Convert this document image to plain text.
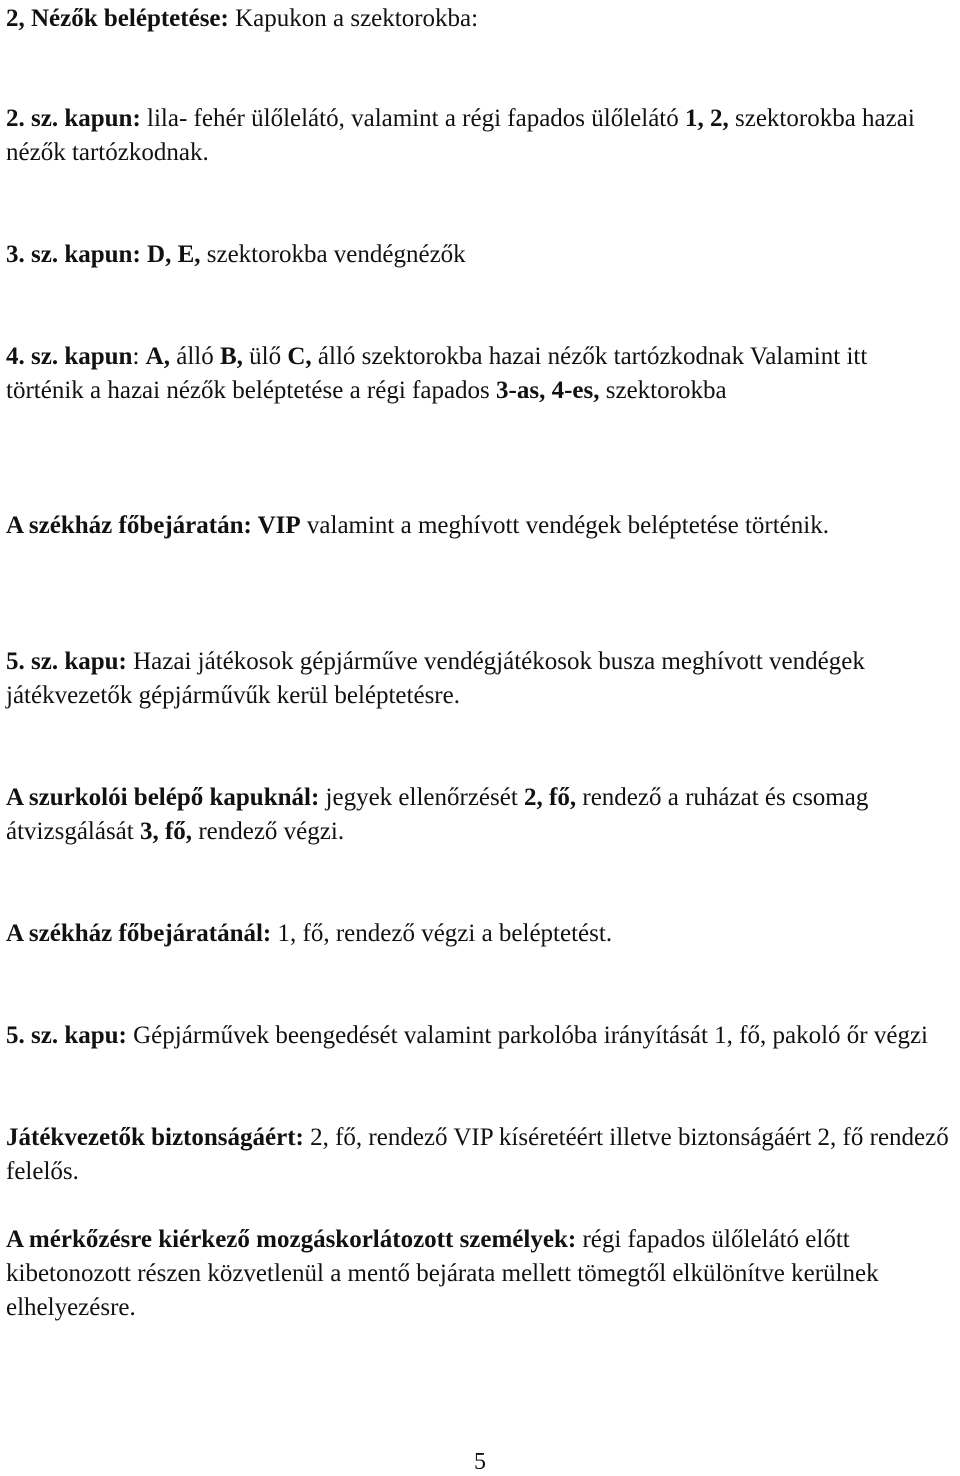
2, Nézők beléptetése: Kapukon a szektorokba:

2. sz. kapun: lila- fehér ülőlelátó, valamint a régi fapados ülőlelátó 1, 2, szektorokba hazai nézők tartózkodnak.

3. sz. kapun: D, E, szektorokba vendégnézők

4. sz. kapun: A, álló B, ülő C, álló szektorokba hazai nézők tartózkodnak Valamint itt történik a hazai nézők beléptetése a régi fapados 3-as, 4-es, szektorokba

A székház főbejáratán: VIP valamint a meghívott vendégek beléptetése történik.

5. sz. kapu: Hazai játékosok gépjárműve vendégjátékosok busza meghívott vendégek játékvezetők gépjárművűk kerül beléptetésre.

A szurkolói belépő kapuknál: jegyek ellenőrzését 2, fő, rendező a ruházat és csomag átvizsgálását 3, fő, rendező végzi.

A székház főbejáratánál: 1, fő, rendező végzi a beléptetést.

5. sz. kapu: Gépjárművek beengedését valamint parkolóba irányítását 1, fő, pakoló őr végzi

Játékvezetők biztonságáért: 2, fő, rendező VIP kíséretéért illetve biztonságáért 2, fő rendező felelős.

A mérkőzésre kiérkező mozgáskorlátozott személyek: régi fapados ülőlelátó előtt kibetonozott részen közvetlenül a mentő bejárata mellett tömegtől elkülönítve kerülnek elhelyezésre.

5
